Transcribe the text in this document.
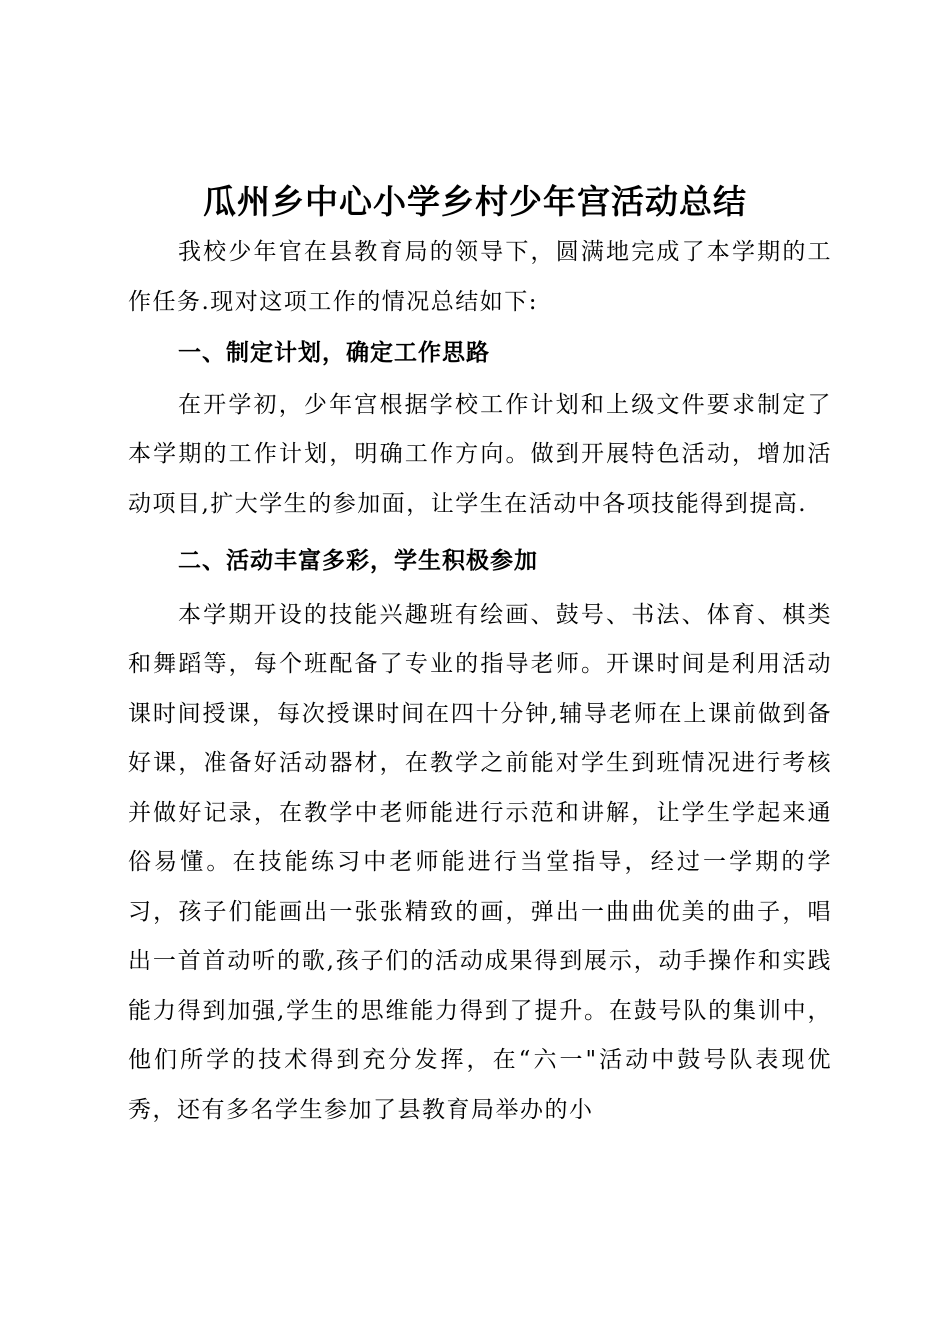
瓜州乡中心小学乡村少年宫活动总结

我校少年官在县教育局的领导下，圆满地完成了本学期的工作任务.现对这项工作的情况总结如下:

一、制定计划，确定工作思路

在开学初，少年宫根据学校工作计划和上级文件要求制定了本学期的工作计划，明确工作方向。做到开展特色活动，增加活动项目,扩大学生的参加面，让学生在活动中各项技能得到提高.

二、活动丰富多彩，学生积极参加

本学期开设的技能兴趣班有绘画、鼓号、书法、体育、棋类和舞蹈等，每个班配备了专业的指导老师。开课时间是利用活动课时间授课，每次授课时间在四十分钟,辅导老师在上课前做到备好课，准备好活动器材，在教学之前能对学生到班情况进行考核并做好记录，在教学中老师能进行示范和讲解，让学生学起来通俗易懂。在技能练习中老师能进行当堂指导，经过一学期的学习，孩子们能画出一张张精致的画，弹出一曲曲优美的曲子，唱出一首首动听的歌,孩子们的活动成果得到展示，动手操作和实践能力得到加强,学生的思维能力得到了提升。在鼓号队的集训中，他们所学的技术得到充分发挥，在“六一"活动中鼓号队表现优秀，还有多名学生参加了县教育局举办的小
